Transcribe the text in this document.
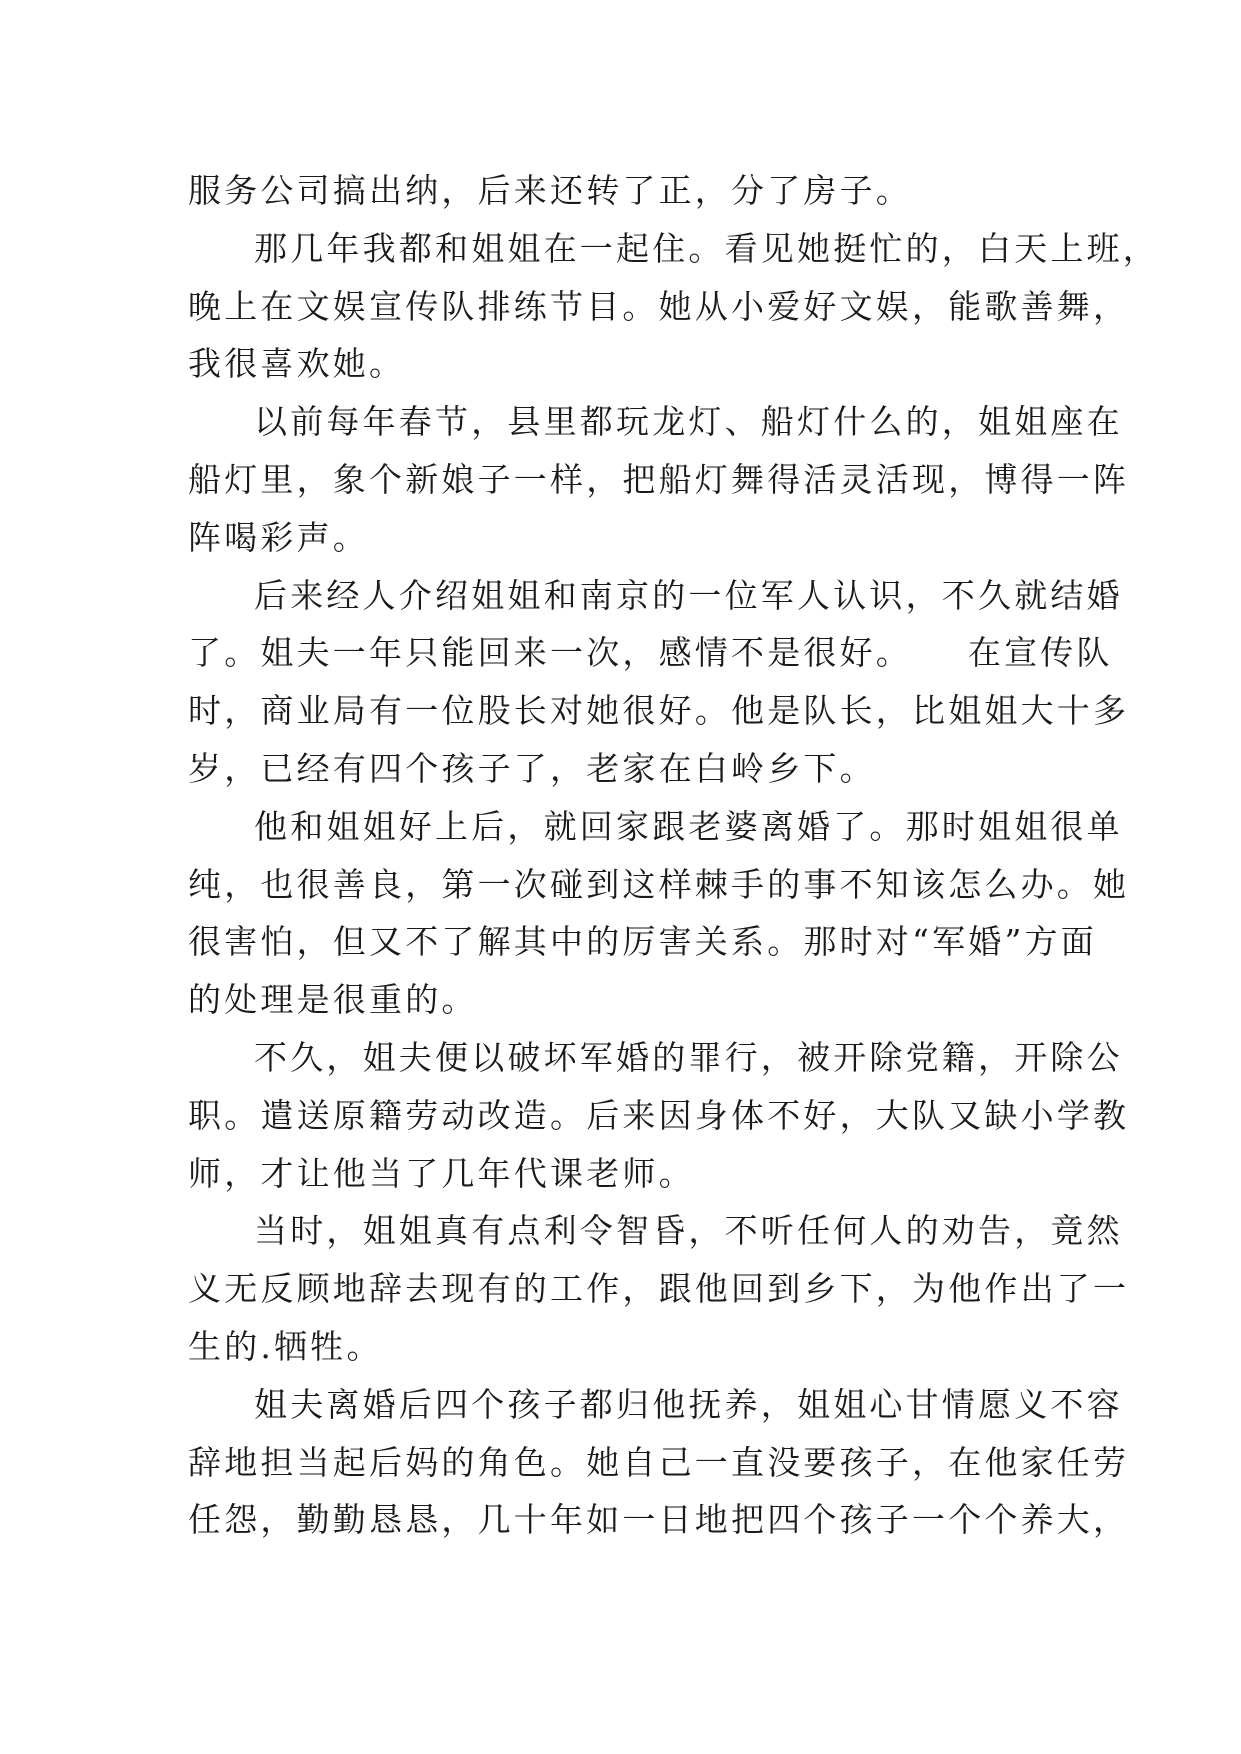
服务公司搞出纳，后来还转了正，分了房子。
那几年我都和姐姐在一起住。看见她挺忙的，白天上班，
晚上在文娱宣传队排练节目。她从小爱好文娱，能歌善舞，
我很喜欢她。
以前每年春节，县里都玩龙灯、船灯什么的，姐姐座在
船灯里，象个新娘子一样，把船灯舞得活灵活现，博得一阵
阵喝彩声。
后来经人介绍姐姐和南京的一位军人认识，不久就结婚
了。姐夫一年只能回来一次，感情不是很好。　　在宣传队
时，商业局有一位股长对她很好。他是队长，比姐姐大十多
岁，已经有四个孩子了，老家在白岭乡下。
他和姐姐好上后，就回家跟老婆离婚了。那时姐姐很单
纯，也很善良，第一次碰到这样棘手的事不知该怎么办。她
很害怕，但又不了解其中的厉害关系。那时对“军婚”方面
的处理是很重的。
不久，姐夫便以破坏军婚的罪行，被开除党籍，开除公
职。遣送原籍劳动改造。后来因身体不好，大队又缺小学教
师，才让他当了几年代课老师。
当时，姐姐真有点利令智昏，不听任何人的劝告，竟然
义无反顾地辞去现有的工作，跟他回到乡下，为他作出了一
生的.牺牲。
姐夫离婚后四个孩子都归他抚养，姐姐心甘情愿义不容
辞地担当起后妈的角色。她自己一直没要孩子，在他家任劳
任怨，勤勤恳恳，几十年如一日地把四个孩子一个个养大，
